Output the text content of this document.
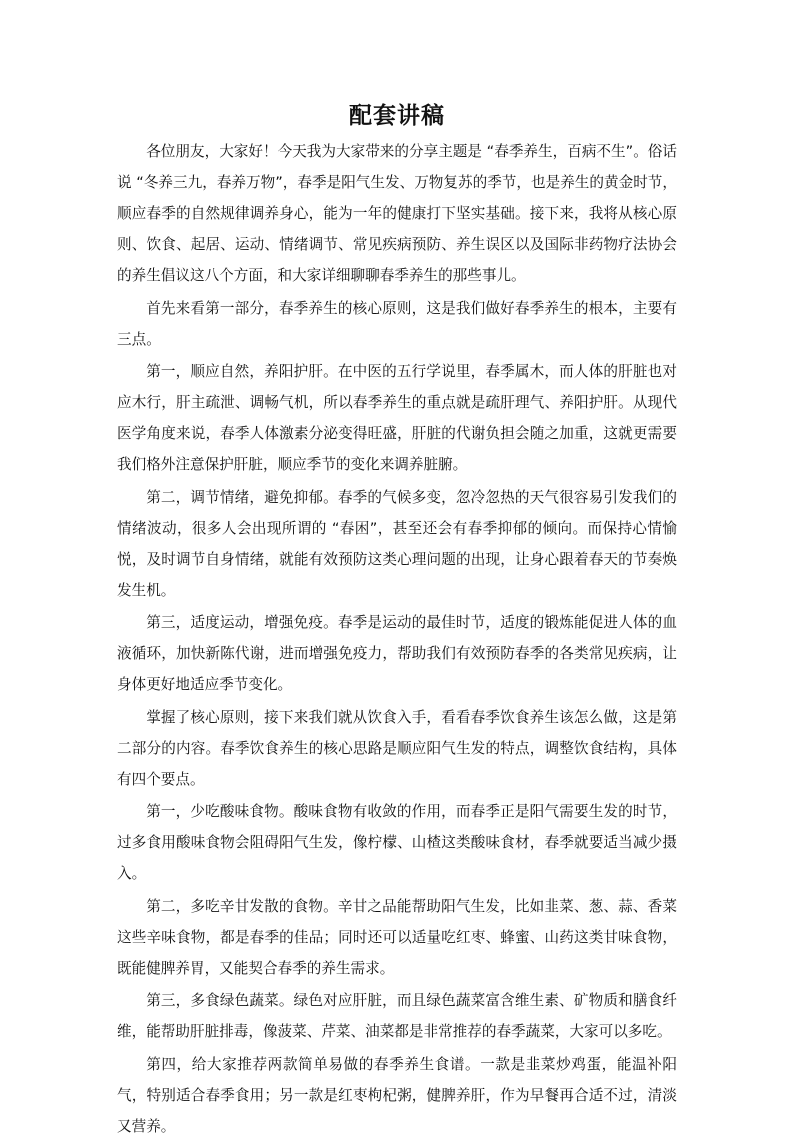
配套讲稿

各位朋友，大家好！今天我为大家带来的分享主题是 “春季养生，百病不生”。俗话说 “冬养三九，春养万物”，春季是阳气生发、万物复苏的季节，也是养生的黄金时节，顺应春季的自然规律调养身心，能为一年的健康打下坚实基础。接下来，我将从核心原则、饮食、起居、运动、情绪调节、常见疾病预防、养生误区以及国际非药物疗法协会的养生倡议这八个方面，和大家详细聊聊春季养生的那些事儿。

首先来看第一部分，春季养生的核心原则，这是我们做好春季养生的根本，主要有三点。

第一，顺应自然，养阳护肝。在中医的五行学说里，春季属木，而人体的肝脏也对应木行，肝主疏泄、调畅气机，所以春季养生的重点就是疏肝理气、养阳护肝。从现代医学角度来说，春季人体激素分泌变得旺盛，肝脏的代谢负担会随之加重，这就更需要我们格外注意保护肝脏，顺应季节的变化来调养脏腑。

第二，调节情绪，避免抑郁。春季的气候多变，忽冷忽热的天气很容易引发我们的情绪波动，很多人会出现所谓的 “春困”，甚至还会有春季抑郁的倾向。而保持心情愉悦，及时调节自身情绪，就能有效预防这类心理问题的出现，让身心跟着春天的节奏焕发生机。

第三，适度运动，增强免疫。春季是运动的最佳时节，适度的锻炼能促进人体的血液循环，加快新陈代谢，进而增强免疫力，帮助我们有效预防春季的各类常见疾病，让身体更好地适应季节变化。

掌握了核心原则，接下来我们就从饮食入手，看看春季饮食养生该怎么做，这是第二部分的内容。春季饮食养生的核心思路是顺应阳气生发的特点，调整饮食结构，具体有四个要点。

第一，少吃酸味食物。酸味食物有收敛的作用，而春季正是阳气需要生发的时节，过多食用酸味食物会阻碍阳气生发，像柠檬、山楂这类酸味食材，春季就要适当减少摄入。

第二，多吃辛甘发散的食物。辛甘之品能帮助阳气生发，比如韭菜、葱、蒜、香菜这些辛味食物，都是春季的佳品；同时还可以适量吃红枣、蜂蜜、山药这类甘味食物，既能健脾养胃，又能契合春季的养生需求。

第三，多食绿色蔬菜。绿色对应肝脏，而且绿色蔬菜富含维生素、矿物质和膳食纤维，能帮助肝脏排毒，像菠菜、芹菜、油菜都是非常推荐的春季蔬菜，大家可以多吃。

第四，给大家推荐两款简单易做的春季养生食谱。一款是韭菜炒鸡蛋，能温补阳气，特别适合春季食用；另一款是红枣枸杞粥，健脾养肝，作为早餐再合适不过，清淡又营养。
